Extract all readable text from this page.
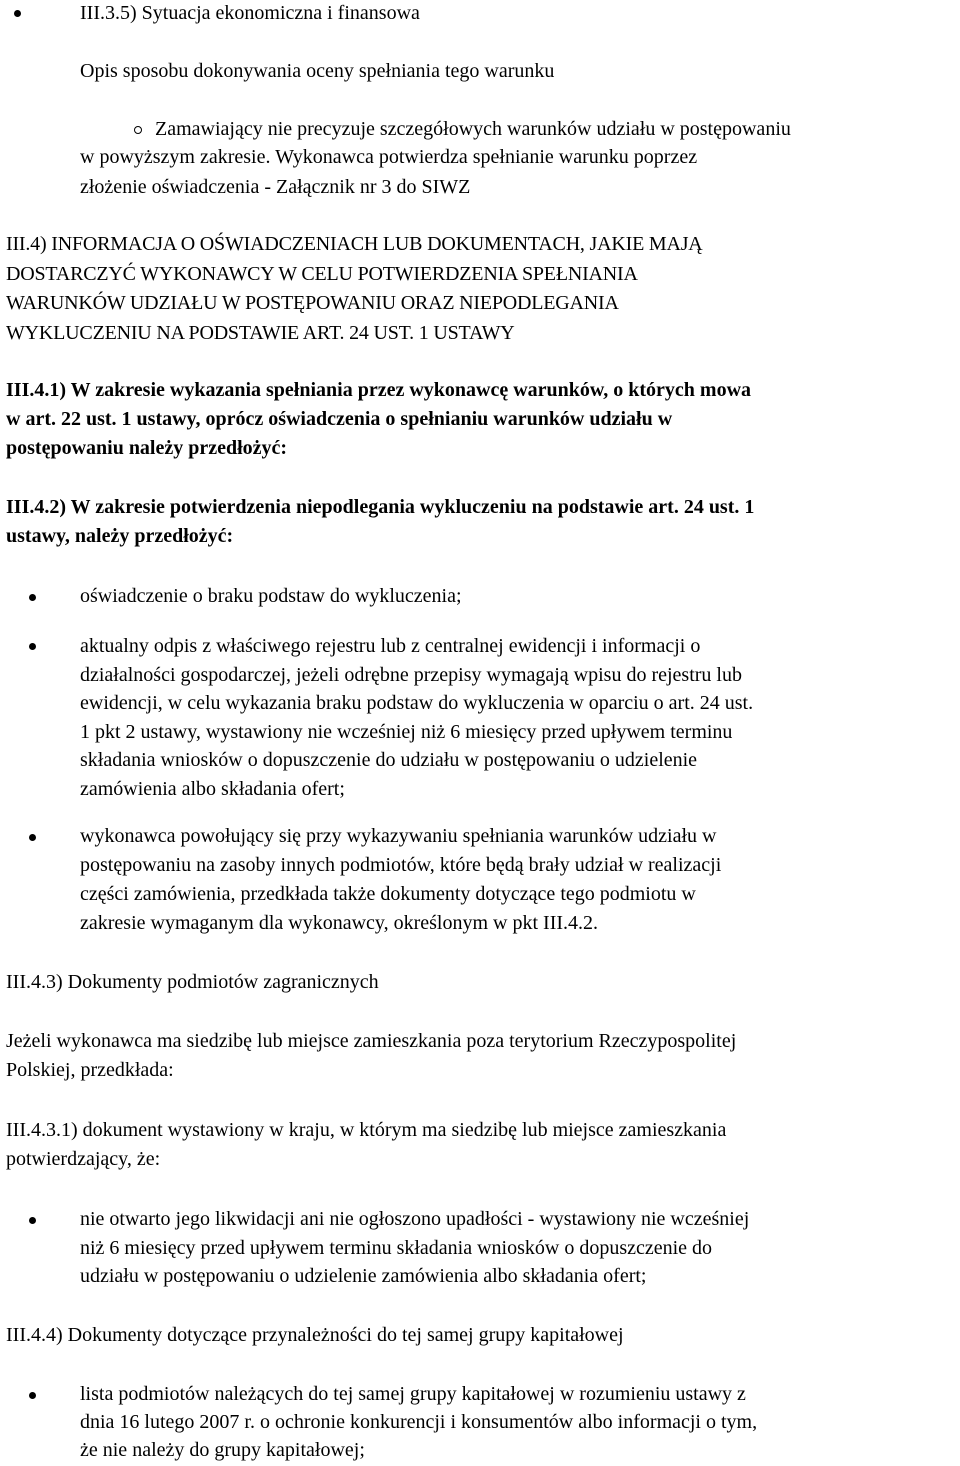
III.3.5) Sytuacja ekonomiczna i finansowa
Opis sposobu dokonywania oceny spełniania tego warunku
Zamawiający nie precyzuje szczegółowych warunków udziału w postępowaniu
w powyższym zakresie. Wykonawca potwierdza spełnianie warunku poprzez
złożenie oświadczenia - Załącznik nr 3 do SIWZ
III.4) INFORMACJA O OŚWIADCZENIACH LUB DOKUMENTACH, JAKIE MAJĄ
DOSTARCZYĆ WYKONAWCY W CELU POTWIERDZENIA SPEŁNIANIA
WARUNKÓW UDZIAŁU W POSTĘPOWANIU ORAZ NIEPODLEGANIA
WYKLUCZENIU NA PODSTAWIE ART. 24 UST. 1 USTAWY
III.4.1) W zakresie wykazania spełniania przez wykonawcę warunków, o których mowa
w art. 22 ust. 1 ustawy, oprócz oświadczenia o spełnianiu warunków udziału w
postępowaniu należy przedłożyć:
III.4.2) W zakresie potwierdzenia niepodlegania wykluczeniu na podstawie art. 24 ust. 1
ustawy, należy przedłożyć:
oświadczenie o braku podstaw do wykluczenia;
aktualny odpis z właściwego rejestru lub z centralnej ewidencji i informacji o
działalności gospodarczej, jeżeli odrębne przepisy wymagają wpisu do rejestru lub
ewidencji, w celu wykazania braku podstaw do wykluczenia w oparciu o art. 24 ust.
1 pkt 2 ustawy, wystawiony nie wcześniej niż 6 miesięcy przed upływem terminu
składania wniosków o dopuszczenie do udziału w postępowaniu o udzielenie
zamówienia albo składania ofert;
wykonawca powołujący się przy wykazywaniu spełniania warunków udziału w
postępowaniu na zasoby innych podmiotów, które będą brały udział w realizacji
części zamówienia, przedkłada także dokumenty dotyczące tego podmiotu w
zakresie wymaganym dla wykonawcy, określonym w pkt III.4.2.
III.4.3) Dokumenty podmiotów zagranicznych
Jeżeli wykonawca ma siedzibę lub miejsce zamieszkania poza terytorium Rzeczypospolitej
Polskiej, przedkłada:
III.4.3.1) dokument wystawiony w kraju, w którym ma siedzibę lub miejsce zamieszkania
potwierdzający, że:
nie otwarto jego likwidacji ani nie ogłoszono upadłości - wystawiony nie wcześniej
niż 6 miesięcy przed upływem terminu składania wniosków o dopuszczenie do
udziału w postępowaniu o udzielenie zamówienia albo składania ofert;
III.4.4) Dokumenty dotyczące przynależności do tej samej grupy kapitałowej
lista podmiotów należących do tej samej grupy kapitałowej w rozumieniu ustawy z
dnia 16 lutego 2007 r. o ochronie konkurencji i konsumentów albo informacji o tym,
że nie należy do grupy kapitałowej;
